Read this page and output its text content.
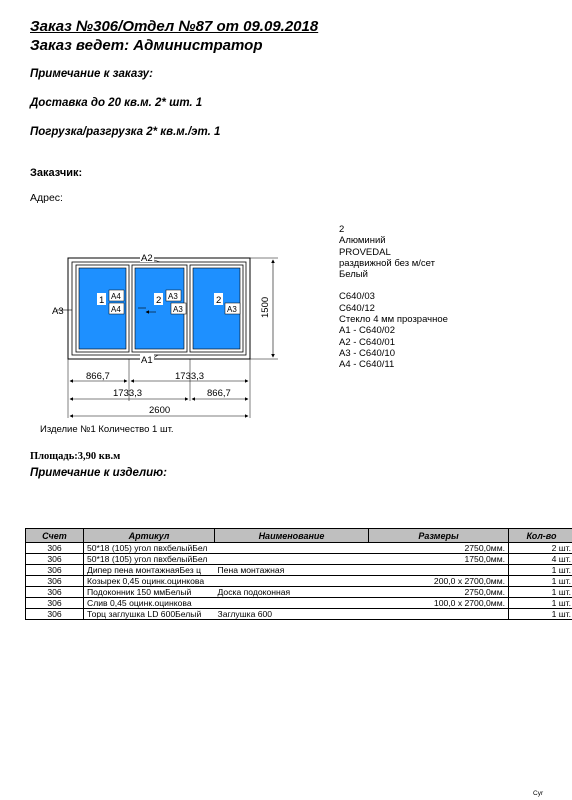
Заказ №306/Отдел №87 от 09.09.2018
Заказ ведет: Администратор
Примечание к заказу:
Доставка до 20 кв.м. 2* шт. 1
Погрузка/разгрузка 2* кв.м./эт. 1
Заказчик:
Адрес:
A3
A2
A1
1 A4
A4
2 A3
A3
2
A3 1500
866,7	1733,3
1733,3	866,7
2600
2
Алюминий
PROVEDAL
раздвижной без м/сет
Белый
C640/03
C640/12
Стекло 4 мм прозрачное
A1 - C640/02
A2 - C640/01
A3 - C640/10
A4 - C640/11
Изделие №1 Количество 1 шт.
Площадь:3,90 кв.м
Примечание к изделию:
Счет	Артикул	Наименование	Размеры	Кол-во
306	50*18 (105) угол пвхбелыйБел		2750,0мм.	2 шт.
306	50*18 (105) угол пвхбелыйБел		1750,0мм.	4 шт.
306	Дипер пена монтажнаяБез ц	Пена монтажная		1 шт.
306	Козырек 0,45 оцинк.оцинкова		200,0 x 2700,0мм.	1 шт.
306	Подоконник 150 ммБелый	Доска подоконная	2750,0мм.	1 шт.
306	Слив 0,45 оцинк.оцинкова		100,0 x 2700,0мм.	1 шт.
306	Торц заглушка LD 600Белый	Заглушка 600		1 шт.
Cyr
